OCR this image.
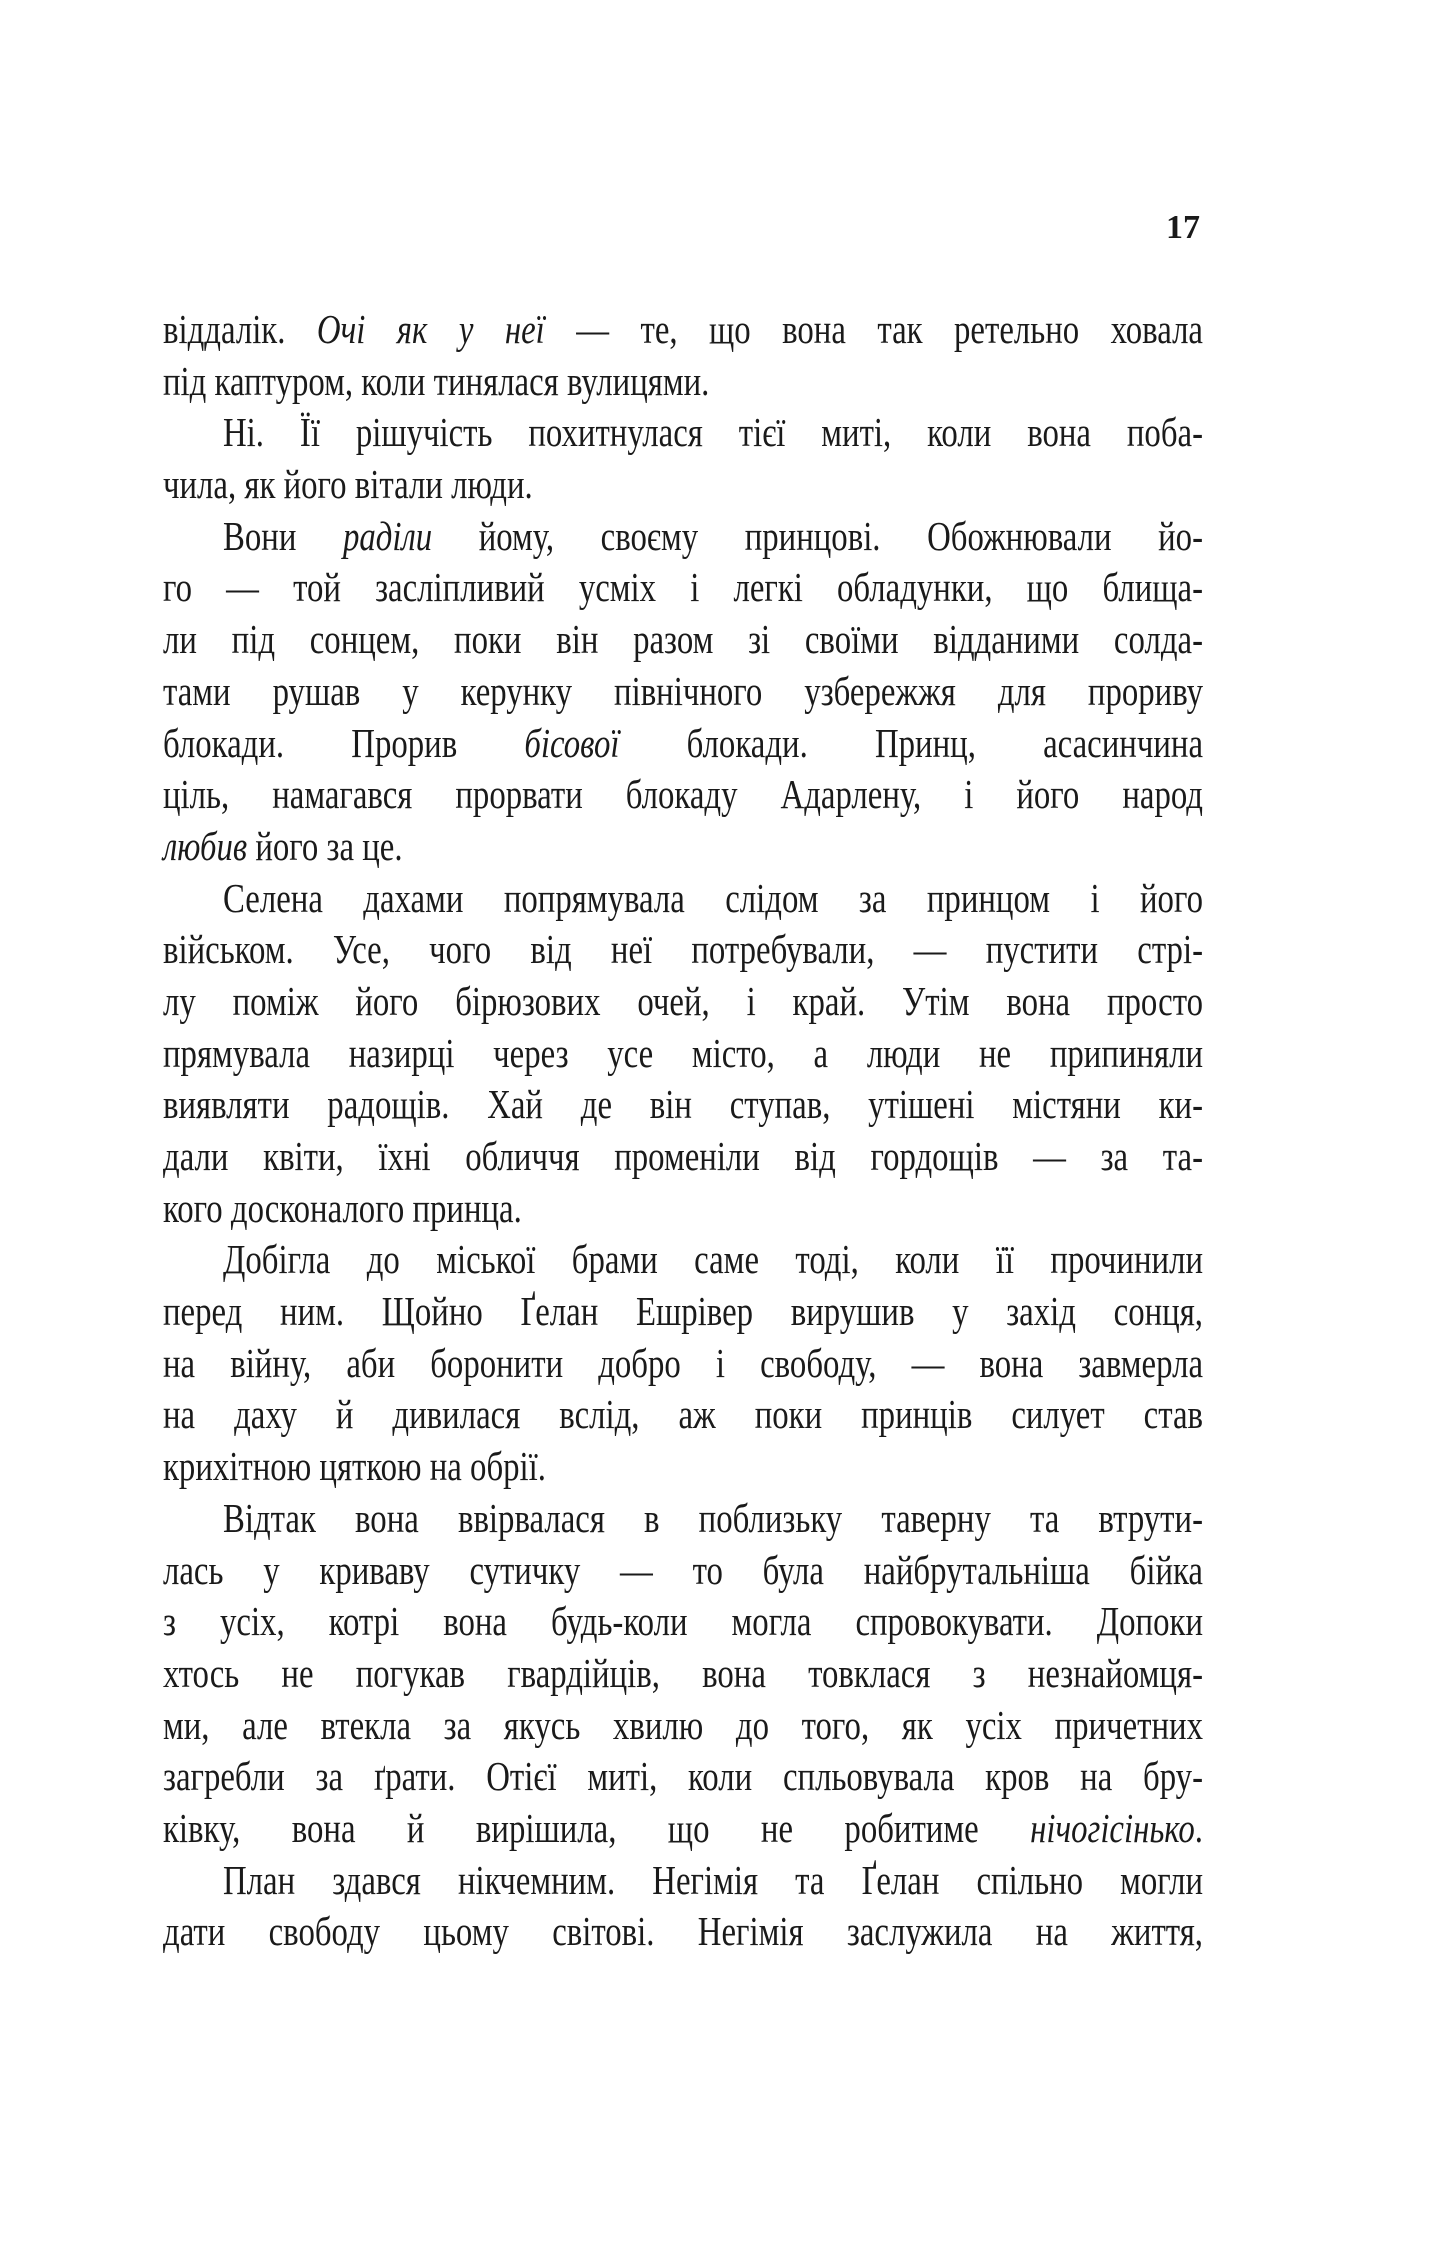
17
віддалік. Очі як у неї — те, що вона так ретельно ховала
під каптуром, коли тинялася вулицями.
Ні. Її рішучість похитнулася тієї миті, коли вона поба-
чила, як його вітали люди.
Вони раділи йому, своєму принцові. Обожнювали йо-
го — той засліпливий усміх і легкі обладунки, що блища-
ли під сонцем, поки він разом зі своїми відданими солда-
тами рушав у керунку північного узбережжя для прориву
блокади. Прорив бісової блокади. Принц, асасинчина
ціль, намагався прорвати блокаду Адарлену, і його народ
любив його за це.
Селена дахами попрямувала слідом за принцом і його
військом. Усе, чого від неї потребували, — пустити стрі-
лу поміж його бірюзових очей, і край. Утім вона просто
прямувала назирці через усе місто, а люди не припиняли
виявляти радощів. Хай де він ступав, утішені містяни ки-
дали квіти, їхні обличчя променіли від гордощів — за та-
кого досконалого принца.
Добігла до міської брами саме тоді, коли її прочинили
перед ним. Щойно Ґелан Ешрівер вирушив у захід сонця,
на війну, аби боронити добро і свободу, — вона завмерла
на даху й дивилася вслід, аж поки принців силует став
крихітною цяткою на обрії.
Відтак вона ввірвалася в поблизьку таверну та втрути-
лась у криваву сутичку — то була найбрутальніша бійка
з усіх, котрі вона будь-коли могла спровокувати. Допоки
хтось не погукав гвардійців, вона товклася з незнайомця-
ми, але втекла за якусь хвилю до того, як усіх причетних
загребли за ґрати. Отієї миті, коли спльовувала кров на бру-
ківку, вона й вирішила, що не робитиме нічогісінько.
План здався нікчемним. Негімія та Ґелан спільно могли
дати свободу цьому світові. Негімія заслужила на життя,
